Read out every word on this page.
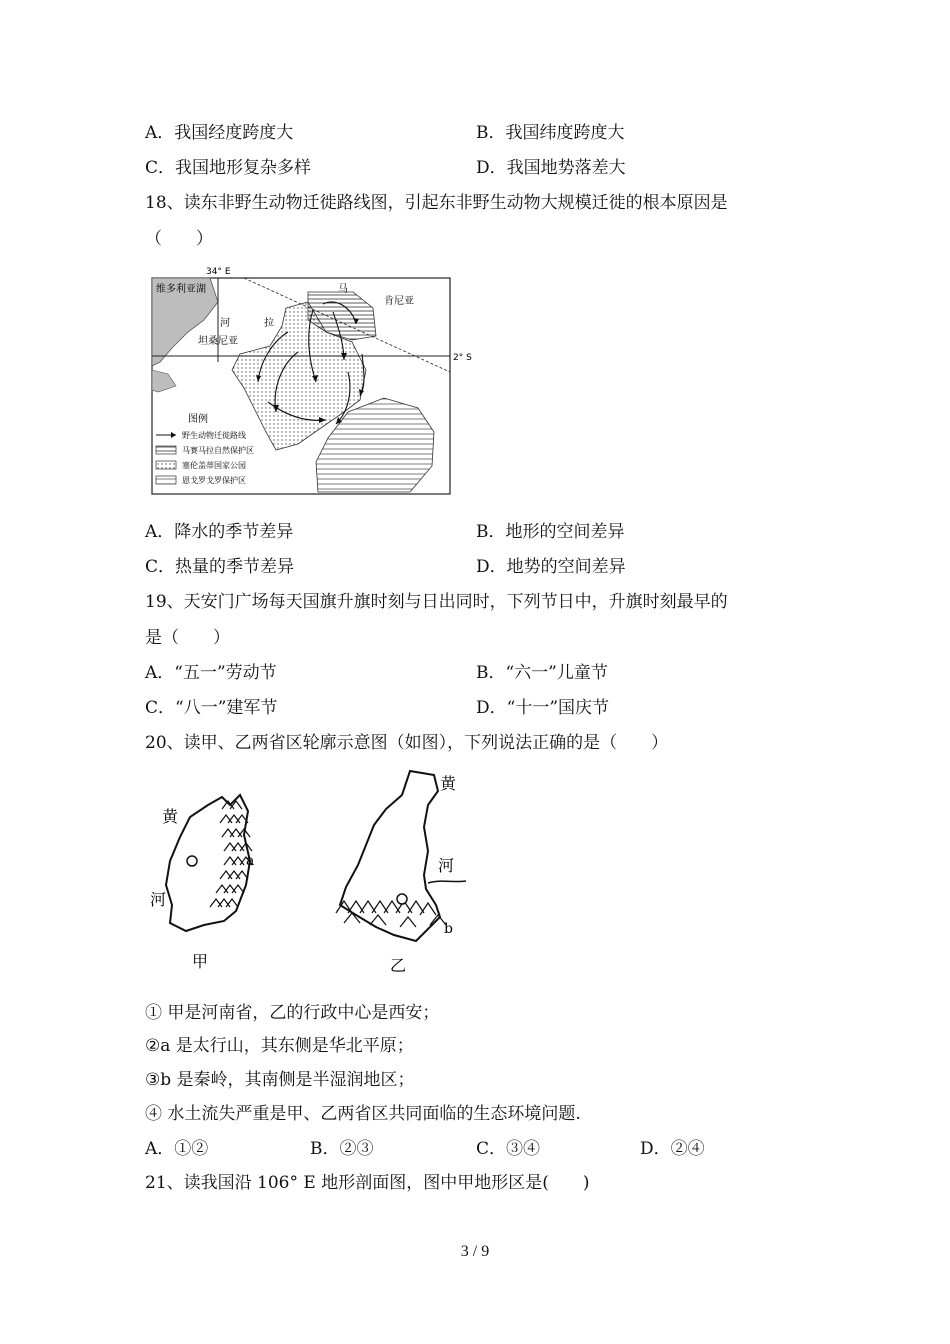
A．我国经度跨度大	B．我国纬度跨度大
C．我国地形复杂多样	D．我国地势落差大
18、读东非野生动物迁徙路线图，引起东非野生动物大规模迁徙的根本原因是
（　　）
34° E
2° S
维多利亚湖	马
肯尼亚
河	拉
坦桑尼亚
图例
野生动物迁徙路线
马赛马拉自然保护区
塞伦盖蒂国家公园
恩戈罗戈罗保护区
A．降水的季节差异	B．地形的空间差异
C．热量的季节差异	D．地势的空间差异
19、天安门广场每天国旗升旗时刻与日出同时，下列节日中，升旗时刻最早的
是（　　）
A．“五一”劳动节	B．“六一”儿童节
C．“八一”建军节	D．“十一”国庆节
20、读甲、乙两省区轮廓示意图（如图），下列说法正确的是（　　）
黄
河
a
甲
黄
河
b
乙
① 甲是河南省，乙的行政中心是西安；
②a 是太行山，其东侧是华北平原；
③b 是秦岭，其南侧是半湿润地区；
④ 水土流失严重是甲、乙两省区共同面临的生态环境问题.
A．①②	B．②③	C．③④	D．②④
21、读我国沿 106° E 地形剖面图，图中甲地形区是(　　)
3 / 9
